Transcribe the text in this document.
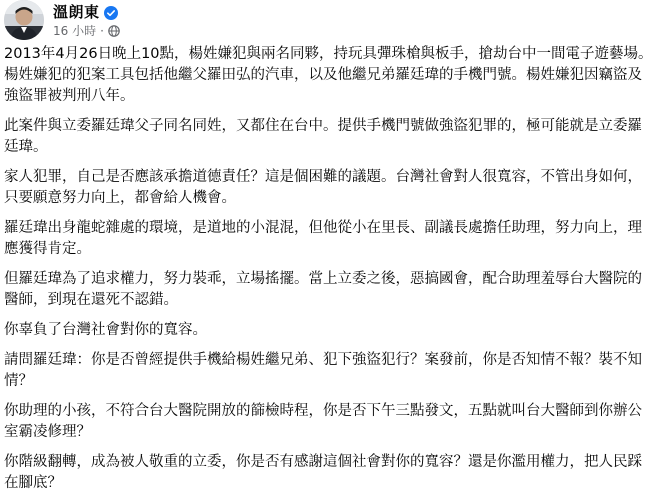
溫朗東
16 小時 ·

2013年4月26日晚上10點，楊姓嫌犯與兩名同夥，持玩具彈珠槍與板手，搶劫台中一間電子遊藝場。楊姓嫌犯的犯案工具包括他繼父羅田弘的汽車，以及他繼兄弟羅廷瑋的手機門號。楊姓嫌犯因竊盜及強盜罪被判刑八年。

此案件與立委羅廷瑋父子同名同姓，又都住在台中。提供手機門號做強盜犯罪的，極可能就是立委羅廷瑋。

家人犯罪，自己是否應該承擔道德責任？這是個困難的議題。台灣社會對人很寬容，不管出身如何，只要願意努力向上，都會給人機會。

羅廷瑋出身龍蛇雜處的環境，是道地的小混混，但他從小在里長、副議長處擔任助理，努力向上，理應獲得肯定。

但羅廷瑋為了追求權力，努力裝乖，立場搖擺。當上立委之後，惡搞國會，配合助理羞辱台大醫院的醫師，到現在還死不認錯。

你辜負了台灣社會對你的寬容。

請問羅廷瑋：你是否曾經提供手機給楊姓繼兄弟、犯下強盜犯行？案發前，你是否知情不報？裝不知情？

你助理的小孩，不符合台大醫院開放的篩檢時程，你是否下午三點發文，五點就叫台大醫師到你辦公室霸凌修理？

你階級翻轉，成為被人敬重的立委，你是否有感謝這個社會對你的寬容？還是你濫用權力，把人民踩在腳底？
